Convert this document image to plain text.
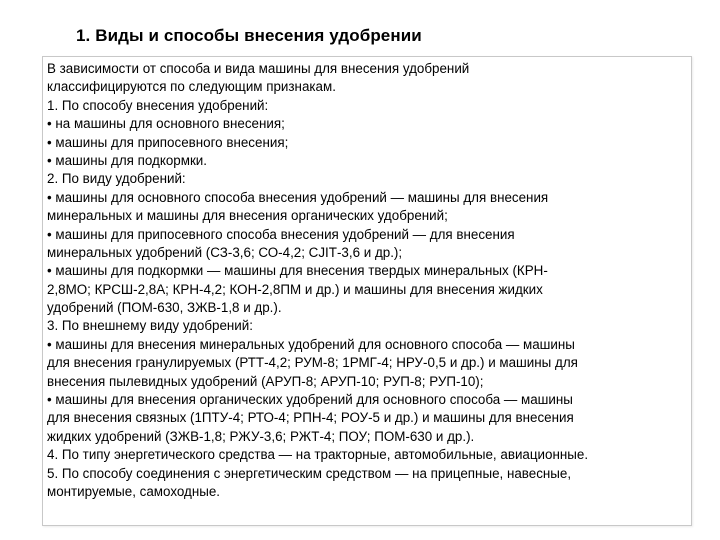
1. Виды и способы внесения удобрении
В зависимости от способа и вида машины для внесения удобрений
классифицируются по следующим признакам.
1. По способу внесения удобрений:
• на машины для основного внесения;
• машины для припосевного внесения;
• машины для подкормки.
2. По виду удобрений:
• машины для основного способа внесения удобрений — машины для внесения
минеральных и машины для внесения органических удобрений;
• машины для припосевного способа внесения удобрений — для внесения
минеральных удобрений (СЗ-3,6; СО-4,2; СЈIТ-3,6 и др.);
• машины для подкормки — машины для внесения твердых минеральных (КРН-
2,8МО; КРСШ-2,8А; КРН-4,2; КОН-2,8ПМ и др.) и машины для внесения жидких
удобрений (ПОМ-630, ЗЖВ-1,8 и др.).
3. По внешнему виду удобрений:
• машины для внесения минеральных удобрений для основного способа — машины
для внесения гранулируемых (РТТ-4,2; РУМ-8; 1РМГ-4; НРУ-0,5 и др.) и машины для
внесения пылевидных удобрений (АРУП-8; АРУП-10; РУП-8; РУП-10);
• машины для внесения органических удобрений для основного способа — машины
для внесения связных (1ПТУ-4; РТО-4; РПН-4; РОУ-5 и др.) и машины для внесения
жидких удобрений (ЗЖВ-1,8; РЖУ-3,6; РЖТ-4; ПОУ; ПОМ-630 и др.).
4. По типу энергетического средства — на тракторные, автомобильные, авиационные.
5. По способу соединения с энергетическим средством — на прицепные, навесные,
монтируемые, самоходные.
